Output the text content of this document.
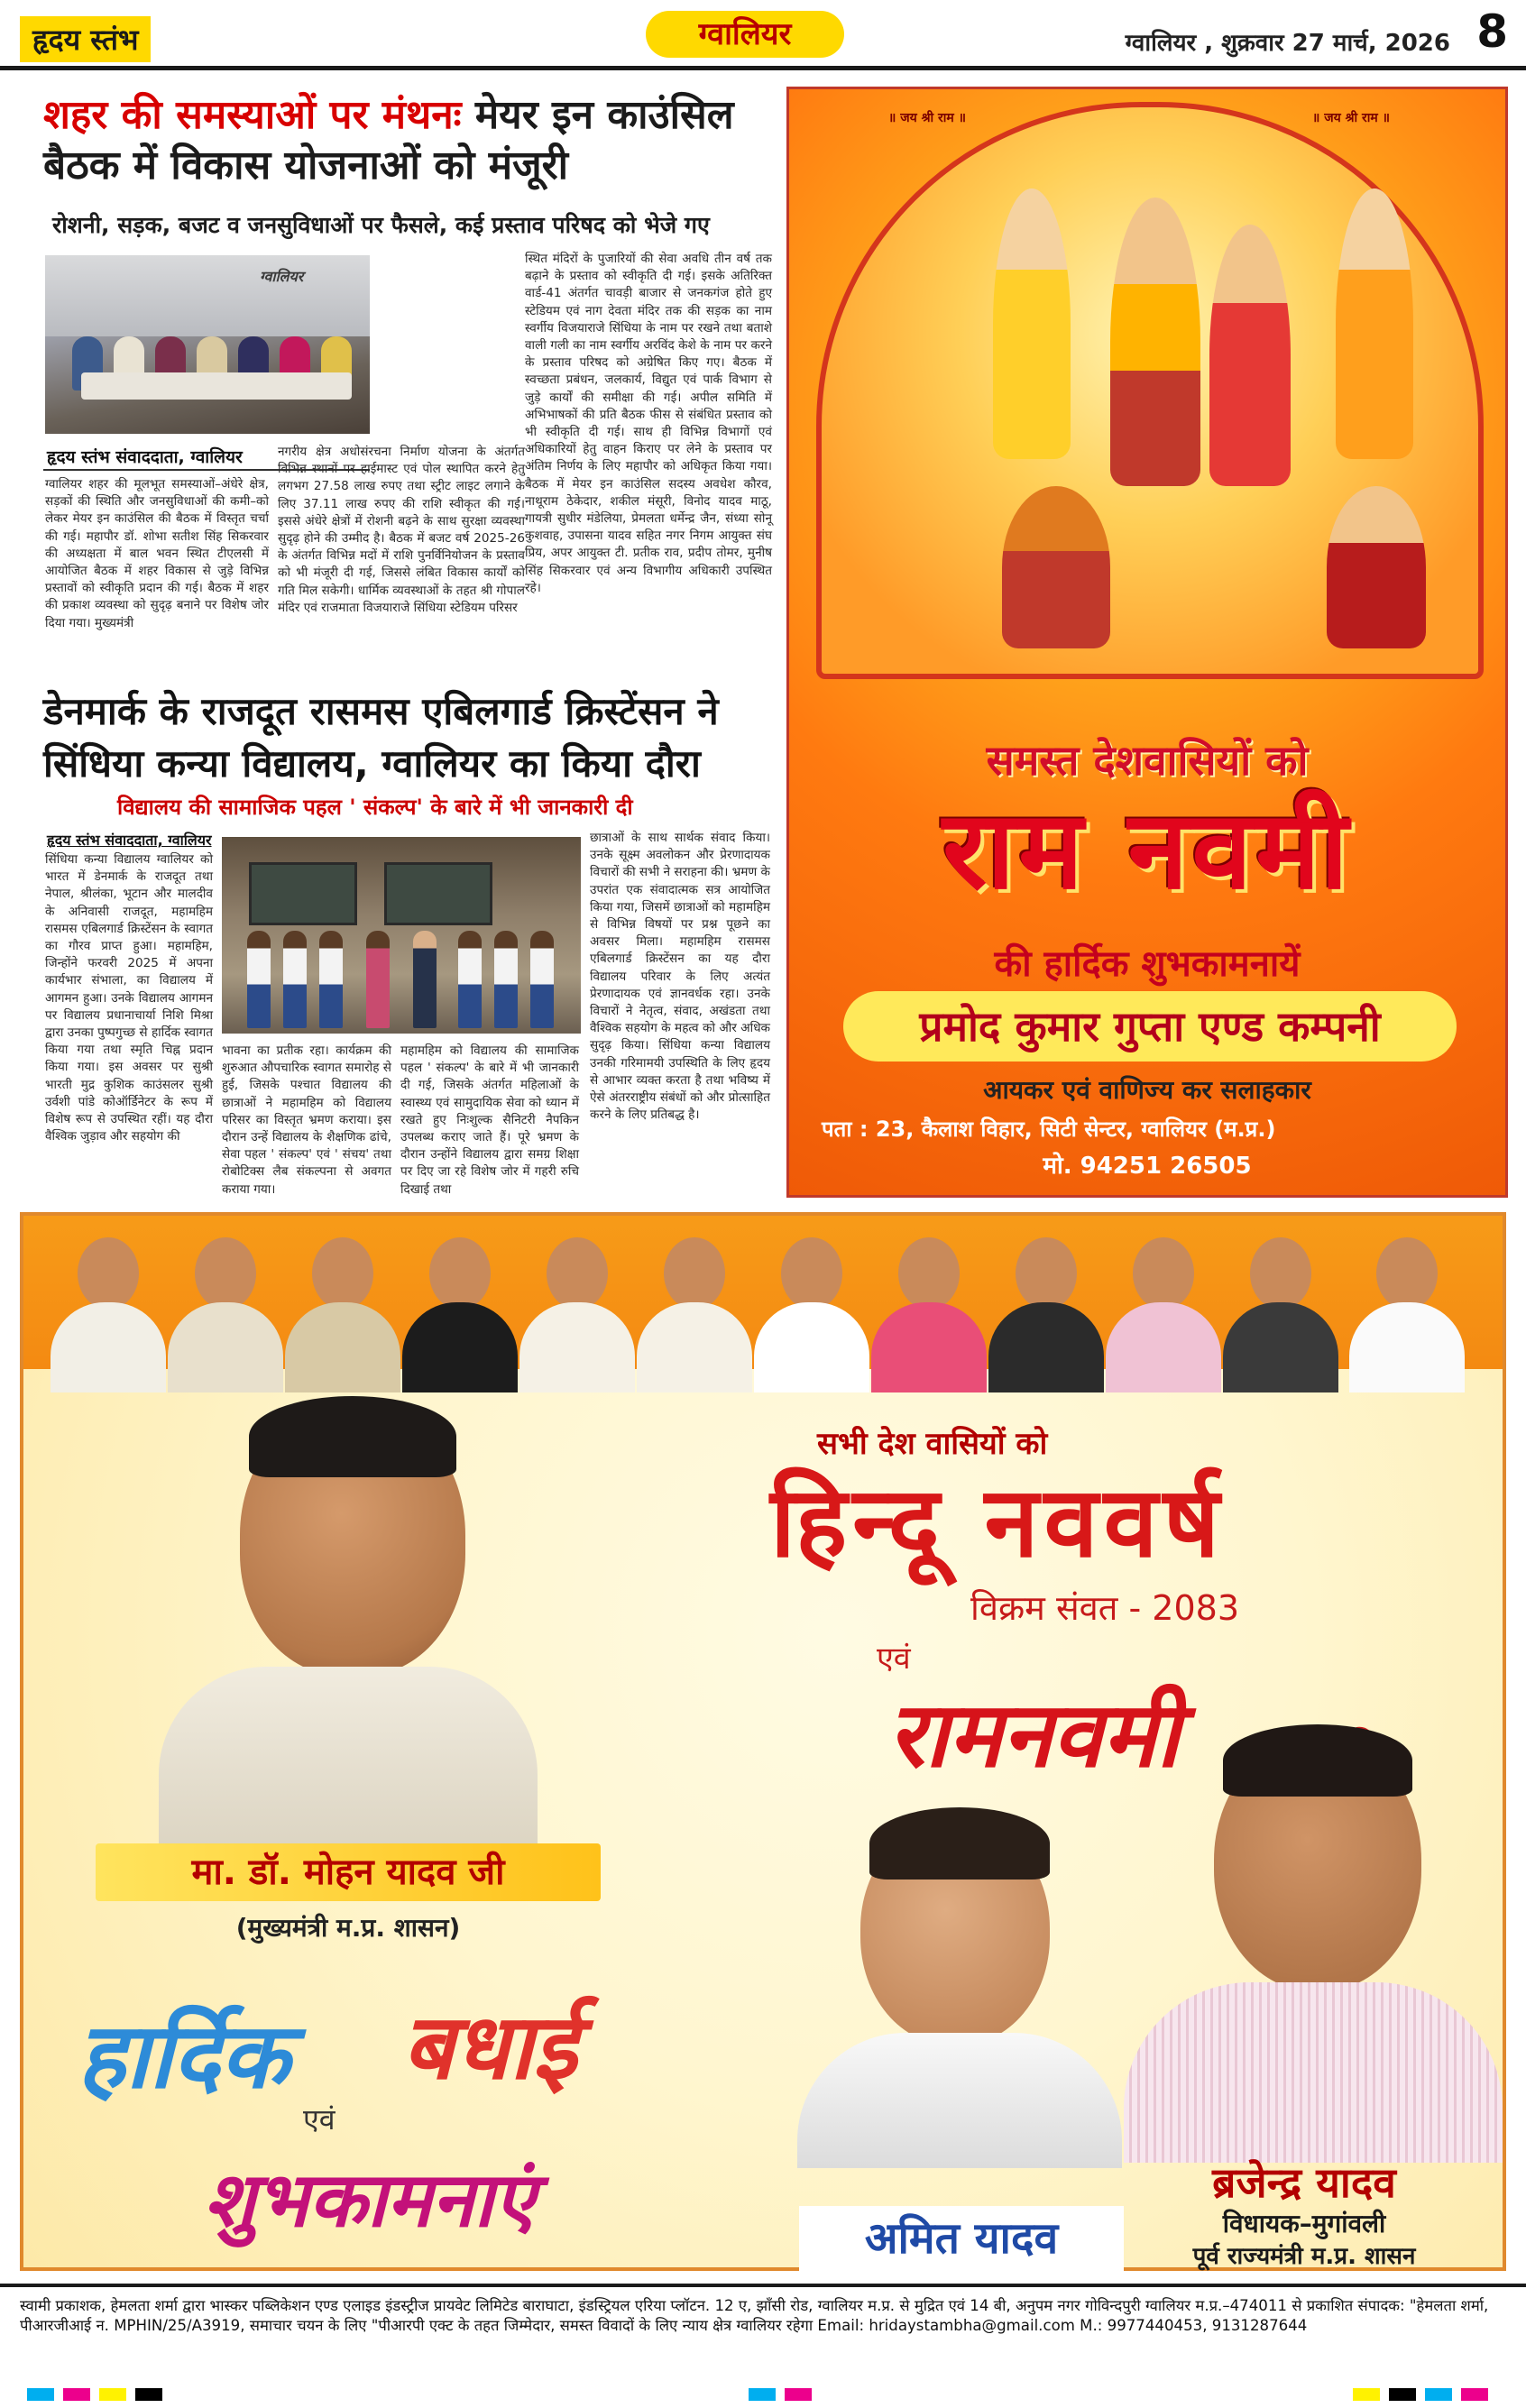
हृदय स्तंभ	ग्वालियर	ग्वालियर , शुक्रवार 27 मार्च, 2026 8
शहर की समस्याओं पर मंथनः मेयर इन काउंसिल बैठक में विकास योजनाओं को मंजूरी
रोशनी, सड़क, बजट व जनसुविधाओं पर फैसले, कई प्रस्ताव परिषद को भेजे गए
ग्वालियर
हृदय स्तंभ संवाददाता, ग्वालियर
ग्वालियर शहर की मूलभूत समस्याओं–अंधेरे क्षेत्र, सड़कों की स्थिति और जनसुविधाओं की कमी–को लेकर मेयर इन काउंसिल की बैठक में विस्तृत चर्चा की गई। महापौर डॉ. शोभा सतीश सिंह सिकरवार की अध्यक्षता में बाल भवन स्थित टीएलसी में आयोजित बैठक में शहर विकास से जुड़े विभिन्न प्रस्तावों को स्वीकृति प्रदान की गई। बैठक में शहर की प्रकाश व्यवस्था को सुदृढ़ बनाने पर विशेष जोर दिया गया। मुख्यमंत्री
नगरीय क्षेत्र अधोसंरचना निर्माण योजना के अंतर्गत विभिन्न स्थानों पर हाईमास्ट एवं पोल स्थापित करने हेतु लगभग 27.58 लाख रुपए तथा स्ट्रीट लाइट लगाने के लिए 37.11 लाख रुपए की राशि स्वीकृत की गई। इससे अंधेरे क्षेत्रों में रोशनी बढ़ने के साथ सुरक्षा व्यवस्था सुदृढ़ होने की उम्मीद है। बैठक में बजट वर्ष 2025-26 के अंतर्गत विभिन्न मदों में राशि पुनर्विनियोजन के प्रस्ताव को भी मंजूरी दी गई, जिससे लंबित विकास कार्यों को गति मिल सकेगी। धार्मिक व्यवस्थाओं के तहत श्री गोपाल मंदिर एवं राजमाता विजयाराजे सिंधिया स्टेडियम परिसर
स्थित मंदिरों के पुजारियों की सेवा अवधि तीन वर्ष तक बढ़ाने के प्रस्ताव को स्वीकृति दी गई। इसके अतिरिक्त वार्ड-41 अंतर्गत चावड़ी बाजार से जनकगंज होते हुए स्टेडियम एवं नाग देवता मंदिर तक की सड़क का नाम स्वर्गीय विजयाराजे सिंधिया के नाम पर रखने तथा बताशे वाली गली का नाम स्वर्गीय अरविंद केशे के नाम पर करने के प्रस्ताव परिषद को अग्रेषित किए गए। बैठक में स्वच्छता प्रबंधन, जलकार्य, विद्युत एवं पार्क विभाग से जुड़े कार्यों की समीक्षा की गई। अपील समिति में अभिभाषकों की प्रति बैठक फीस से संबंधित प्रस्ताव को भी स्वीकृति दी गई। साथ ही विभिन्न विभागों एवं अधिकारियों हेतु वाहन किराए पर लेने के प्रस्ताव पर अंतिम निर्णय के लिए महापौर को अधिकृत किया गया। बैठक में मेयर इन काउंसिल सदस्य अवधेश कौरव, नाथूराम ठेकेदार, शकील मंसूरी, विनोद यादव माठू, गायत्री सुधीर मंडेलिया, प्रेमलता धर्मेन्द्र जैन, संध्या सोनू कुशवाह, उपासना यादव सहित नगर निगम आयुक्त संघ प्रिय, अपर आयुक्त टी. प्रतीक राव, प्रदीप तोमर, मुनीष सिंह सिकरवार एवं अन्य विभागीय अधिकारी उपस्थित रहे।
डेनमार्क के राजदूत रासमस एबिलगार्ड क्रिस्टेंसन ने सिंधिया कन्या विद्यालय, ग्वालियर का किया दौरा
विद्यालय की सामाजिक पहल ' संकल्प' के बारे में भी जानकारी दी
हृदय स्तंभ संवाददाता, ग्वालियर
सिंधिया कन्या विद्यालय ग्वालियर को भारत में डेनमार्क के राजदूत तथा नेपाल, श्रीलंका, भूटान और मालदीव के अनिवासी राजदूत, महामहिम रासमस एबिलगार्ड क्रिस्टेंसन के स्वागत का गौरव प्राप्त हुआ। महामहिम, जिन्होंने फरवरी 2025 में अपना कार्यभार संभाला, का विद्यालय में आगमन हुआ। उनके विद्यालय आगमन पर विद्यालय प्रधानाचार्या निशि मिश्रा द्वारा उनका पुष्पगुच्छ से हार्दिक स्वागत किया गया तथा स्मृति चिह्न प्रदान किया गया। इस अवसर पर सुश्री भारती मुद्र कुशिक काउंसलर सुश्री उर्वशी पांडे कोऑर्डिनेटर के रूप में विशेष रूप से उपस्थित रहीं। यह दौरा वैश्विक जुड़ाव और सहयोग की
भावना का प्रतीक रहा। कार्यक्रम की शुरुआत औपचारिक स्वागत समारोह से हुई, जिसके पश्चात विद्यालय की छात्राओं ने महामहिम को विद्यालय परिसर का विस्तृत भ्रमण कराया। इस दौरान उन्हें विद्यालय के शैक्षणिक ढांचे, सेवा पहल ' संकल्प' एवं ' संचय' तथा रोबोटिक्स लैब संकल्पना से अवगत कराया गया।
महामहिम को विद्यालय की सामाजिक पहल ' संकल्प' के बारे में भी जानकारी दी गई, जिसके अंतर्गत महिलाओं के स्वास्थ्य एवं सामुदायिक सेवा को ध्यान में रखते हुए निःशुल्क सैनिटरी नैपकिन उपलब्ध कराए जाते हैं। पूरे भ्रमण के दौरान उन्होंने विद्यालय द्वारा समग्र शिक्षा पर दिए जा रहे विशेष जोर में गहरी रुचि दिखाई तथा
छात्राओं के साथ सार्थक संवाद किया। उनके सूक्ष्म अवलोकन और प्रेरणादायक विचारों की सभी ने सराहना की। भ्रमण के उपरांत एक संवादात्मक सत्र आयोजित किया गया, जिसमें छात्राओं को महामहिम से विभिन्न विषयों पर प्रश्न पूछने का अवसर मिला। महामहिम रासमस एबिलगार्ड क्रिस्टेंसन का यह दौरा विद्यालय परिवार के लिए अत्यंत प्रेरणादायक एवं ज्ञानवर्धक रहा। उनके विचारों ने नेतृत्व, संवाद, अखंडता तथा वैश्विक सहयोग के महत्व को और अधिक सुदृढ़ किया। सिंधिया कन्या विद्यालय उनकी गरिमामयी उपस्थिति के लिए हृदय से आभार व्यक्त करता है तथा भविष्य में ऐसे अंतरराष्ट्रीय संबंधों को और प्रोत्साहित करने के लिए प्रतिबद्ध है।
॥ जय श्री राम ॥	॥ जय श्री राम ॥
समस्त देशवासियों को
राम नवमी
की हार्दिक शुभकामनायें
प्रमोद कुमार गुप्ता एण्ड कम्पनी
आयकर एवं वाणिज्य कर सलाहकार
पता : 23, कैलाश विहार, सिटी सेन्टर, ग्वालियर (म.प्र.)
मो. 94251 26505
मा. डॉ. मोहन यादव जी
(मुख्यमंत्री म.प्र. शासन)
सभी देश वासियों को
हिन्दू नववर्ष
विक्रम संवत - 2083
एवं
रामनवमी
हार्दिक बधाई
एवं
शुभकामनाएं	अमित यादव
ब्रजेन्द्र यादव
विधायक–मुगांवली
पूर्व राज्यमंत्री म.प्र. शासन
स्वामी प्रकाशक, हेमलता शर्मा द्वारा भास्कर पब्लिकेशन एण्ड एलाइड इंडस्ट्रीज प्रायवेट लिमिटेड बाराघाटा, इंडस्ट्रियल एरिया प्लॉटन. 12 ए, झाँसी रोड, ग्वालियर म.प्र. से मुद्रित एवं 14 बी, अनुपम नगर गोविन्दपुरी ग्वालियर म.प्र.–474011 से प्रकाशित संपादक: "हेमलता शर्मा, पीआरजीआई न. MPHIN/25/A3919, समाचार चयन के लिए "पीआरपी एक्ट के तहत जिम्मेदार, समस्त विवादों के लिए न्याय क्षेत्र ग्वालियर रहेगा Email: hridaystambha@gmail.com M.: 9977440453, 9131287644
